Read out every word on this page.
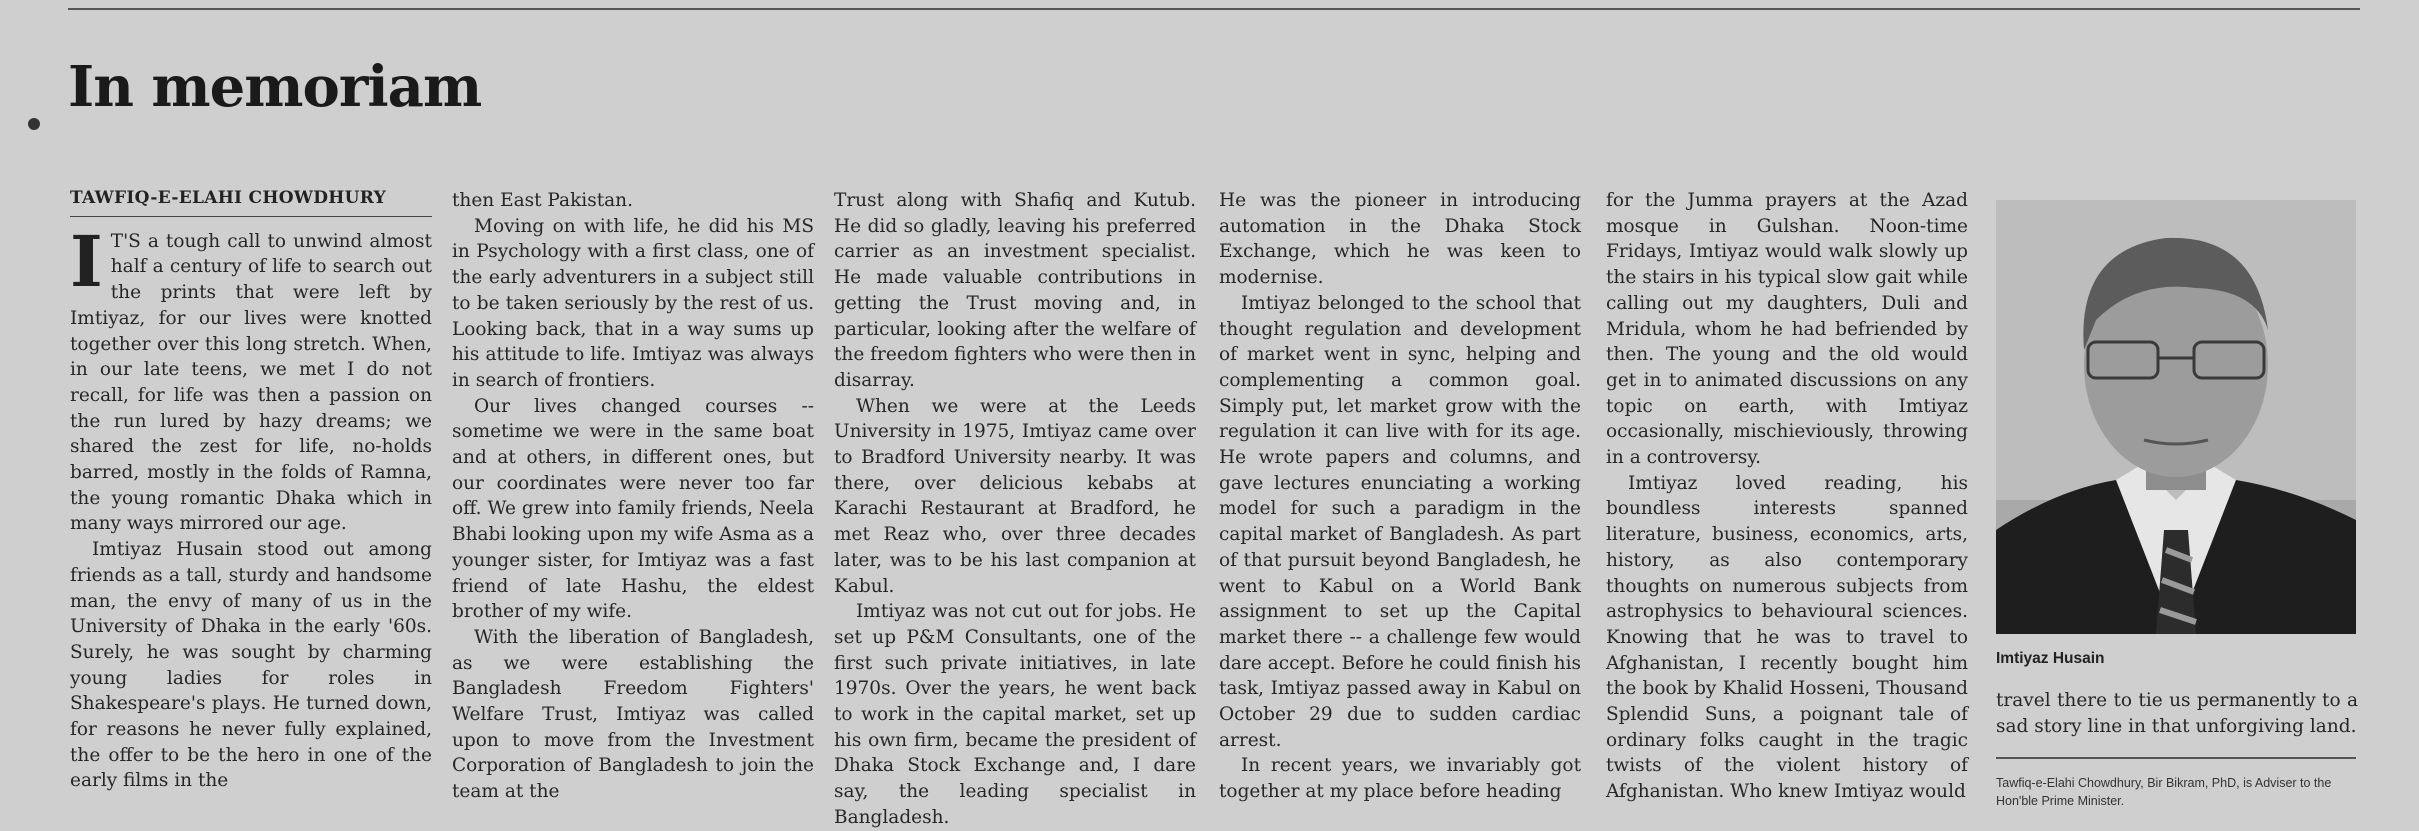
In memoriam
TAWFIQ-E-ELAHI CHOWDHURY
I T'S a tough call to unwind almost half a century of life to search out the prints that were left by Imtiyaz, for our lives were knotted together over this long stretch. When, in our late teens, we met I do not recall, for life was then a passion on the run lured by hazy dreams; we shared the zest for life, no-holds barred, mostly in the folds of Ramna, the young romantic Dhaka which in many ways mirrored our age.

Imtiyaz Husain stood out among friends as a tall, sturdy and handsome man, the envy of many of us in the University of Dhaka in the early '60s. Surely, he was sought by charming young ladies for roles in Shakespeare's plays. He turned down, for reasons he never fully explained, the offer to be the hero in one of the early films in the

then East Pakistan.

Moving on with life, he did his MS in Psychology with a first class, one of the early adventurers in a subject still to be taken seriously by the rest of us. Looking back, that in a way sums up his attitude to life. Imtiyaz was always in search of frontiers.

Our lives changed courses -- sometime we were in the same boat and at others, in different ones, but our coordinates were never too far off. We grew into family friends, Neela Bhabi looking upon my wife Asma as a younger sister, for Imtiyaz was a fast friend of late Hashu, the eldest brother of my wife.

With the liberation of Bangladesh, as we were establishing the Bangladesh Freedom Fighters' Welfare Trust, Imtiyaz was called upon to move from the Investment Corporation of Bangladesh to join the team at the

Trust along with Shafiq and Kutub. He did so gladly, leaving his preferred carrier as an investment specialist. He made valuable contributions in getting the Trust moving and, in particular, looking after the welfare of the freedom fighters who were then in disarray.

When we were at the Leeds University in 1975, Imtiyaz came over to Bradford University nearby. It was there, over delicious kebabs at Karachi Restaurant at Bradford, he met Reaz who, over three decades later, was to be his last companion at Kabul.

Imtiyaz was not cut out for jobs. He set up P&M Consultants, one of the first such private initiatives, in late 1970s. Over the years, he went back to work in the capital market, set up his own firm, became the president of Dhaka Stock Exchange and, I dare say, the leading specialist in Bangladesh.

He was the pioneer in introducing automation in the Dhaka Stock Exchange, which he was keen to modernise.

Imtiyaz belonged to the school that thought regulation and development of market went in sync, helping and complementing a common goal. Simply put, let market grow with the regulation it can live with for its age. He wrote papers and columns, and gave lectures enunciating a working model for such a paradigm in the capital market of Bangladesh. As part of that pursuit beyond Bangladesh, he went to Kabul on a World Bank assignment to set up the Capital market there -- a challenge few would dare accept. Before he could finish his task, Imtiyaz passed away in Kabul on October 29 due to sudden cardiac arrest.

In recent years, we invariably got together at my place before heading

for the Jumma prayers at the Azad mosque in Gulshan. Noon-time Fridays, Imtiyaz would walk slowly up the stairs in his typical slow gait while calling out my daughters, Duli and Mridula, whom he had befriended by then. The young and the old would get in to animated discussions on any topic on earth, with Imtiyaz occasionally, mischieviously, throwing in a controversy.

Imtiyaz loved reading, his boundless interests spanned literature, business, economics, arts, history, as also contemporary thoughts on numerous subjects from astrophysics to behavioural sciences. Knowing that he was to travel to Afghanistan, I recently bought him the book by Khalid Hosseni, Thousand Splendid Suns, a poignant tale of ordinary folks caught in the tragic twists of the violent history of Afghanistan. Who knew Imtiyaz would

Imtiyaz Husain

travel there to tie us permanently to a sad story line in that unforgiving land.

Tawfiq-e-Elahi Chowdhury, Bir Bikram, PhD, is Adviser to the Hon'ble Prime Minister.
